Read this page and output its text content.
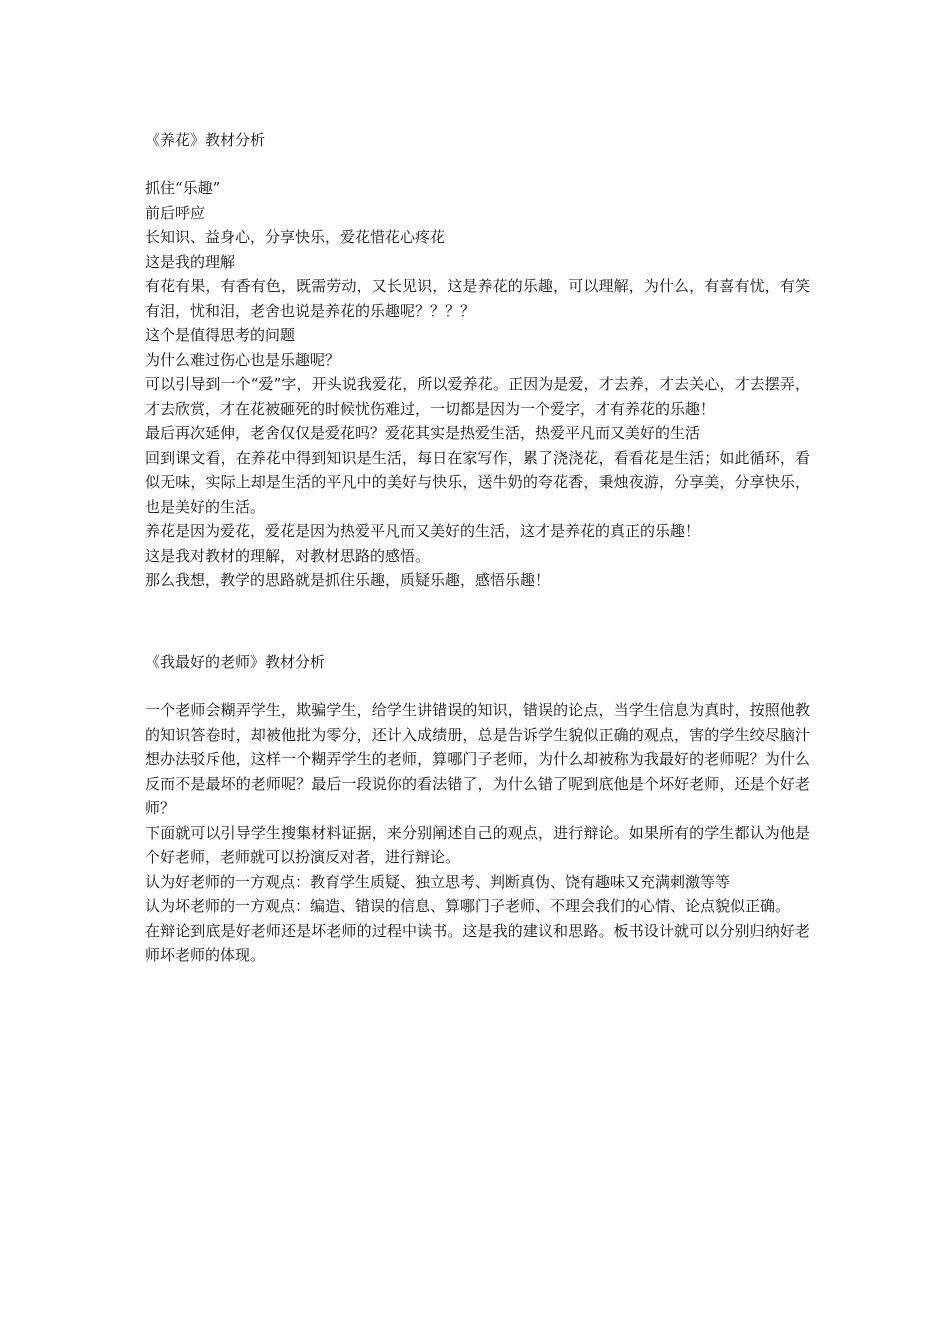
《养花》教材分析

抓住“乐趣”

前后呼应

长知识、益身心，分享快乐，爱花惜花心疼花

这是我的理解

有花有果，有香有色，既需劳动，又长见识，这是养花的乐趣，可以理解，为什么，有喜有忧，有笑有泪，忧和泪，老舍也说是养花的乐趣呢？？？？

这个是值得思考的问题

为什么难过伤心也是乐趣呢？

可以引导到一个“爱”字，开头说我爱花，所以爱养花。正因为是爱，才去养，才去关心，才去摆弄，才去欣赏，才在花被砸死的时候忧伤难过，一切都是因为一个爱字，才有养花的乐趣！

最后再次延伸，老舍仅仅是爱花吗？爱花其实是热爱生活，热爱平凡而又美好的生活

回到课文看，在养花中得到知识是生活，每日在家写作，累了浇浇花，看看花是生活；如此循环，看似无味，实际上却是生活的平凡中的美好与快乐，送牛奶的夸花香，秉烛夜游，分享美，分享快乐，也是美好的生活。

养花是因为爱花，爱花是因为热爱平凡而又美好的生活，这才是养花的真正的乐趣！

这是我对教材的理解，对教材思路的感悟。

那么我想，教学的思路就是抓住乐趣，质疑乐趣，感悟乐趣！

《我最好的老师》教材分析

一个老师会糊弄学生，欺骗学生，给学生讲错误的知识，错误的论点，当学生信息为真时，按照他教的知识答卷时，却被他批为零分，还计入成绩册，总是告诉学生貌似正确的观点，害的学生绞尽脑汁想办法驳斥他，这样一个糊弄学生的老师，算哪门子老师，为什么却被称为我最好的老师呢？为什么反而不是最坏的老师呢？最后一段说你的看法错了，为什么错了呢到底他是个坏好老师，还是个好老师？

下面就可以引导学生搜集材料证据，来分别阐述自己的观点，进行辩论。如果所有的学生都认为他是个好老师，老师就可以扮演反对者，进行辩论。

认为好老师的一方观点：教育学生质疑、独立思考、判断真伪、饶有趣味又充满刺激等等

认为坏老师的一方观点：编造、错误的信息、算哪门子老师、不理会我们的心情、论点貌似正确。

在辩论到底是好老师还是坏老师的过程中读书。这是我的建议和思路。板书设计就可以分别归纳好老师坏老师的体现。
